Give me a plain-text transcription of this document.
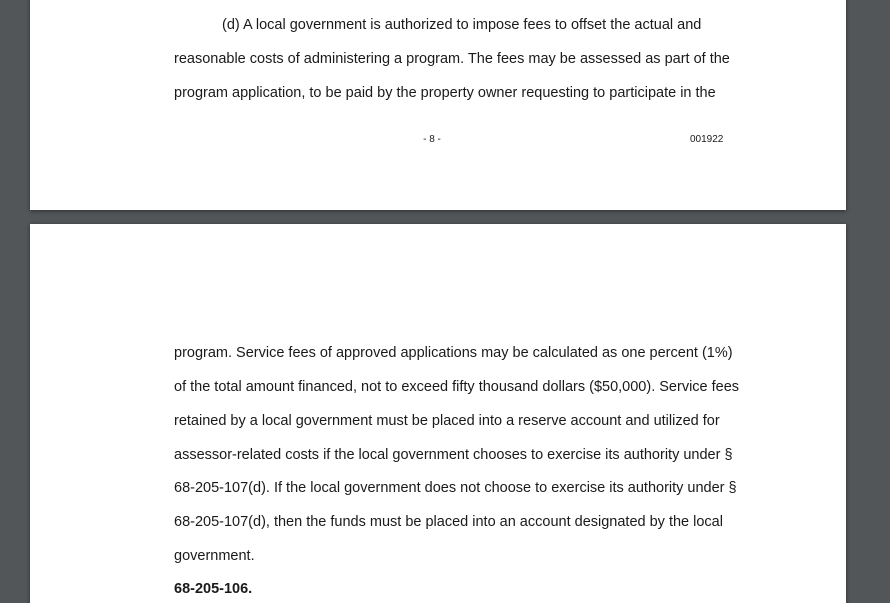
(d) A local government is authorized to impose fees to offset the actual and

reasonable costs of administering a program. The fees may be assessed as part of the

program application, to be paid by the property owner requesting to participate in the

- 8 -	001922

program. Service fees of approved applications may be calculated as one percent (1%)

of the total amount financed, not to exceed fifty thousand dollars ($50,000). Service fees

retained by a local government must be placed into a reserve account and utilized for

assessor-related costs if the local government chooses to exercise its authority under §

68-205-107(d). If the local government does not choose to exercise its authority under §

68-205-107(d), then the funds must be placed into an account designated by the local

government.

68-205-106.
